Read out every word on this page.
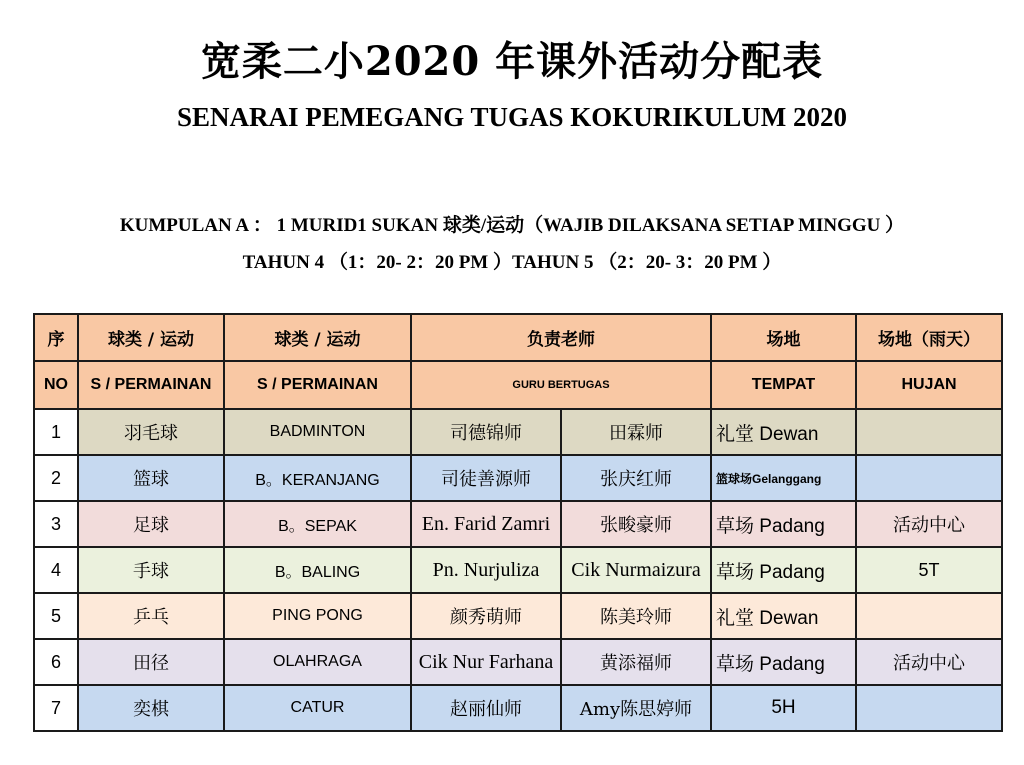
宽柔二小2020 年课外活动分配表
SENARAI PEMEGANG TUGAS KOKURIKULUM 2020
KUMPULAN A ： 1 MURID1 SUKAN 球类/运动（WAJIB DILAKSANA SETIAP MINGGU ）
TAHUN 4 （1：20- 2：20 PM ）TAHUN 5 （2：20- 3：20 PM ）
序	球类 / 运动	球类 / 运动	负责老师		场地	场地（雨天）
NO	S / PERMAINAN	S / PERMAINAN	GURU BERTUGAS		TEMPAT	HUJAN
1	羽毛球	BADMINTON	司德锦师	田霖师	礼堂 Dewan	
2	篮球	B。KERANJANG	司徒善源师	张庆红师	篮球场Gelanggang	
3	足球	B。SEPAK	En. Farid Zamri	张畯豪师	草场 Padang	活动中心
4	手球	B。BALING	Pn. Nurjuliza	Cik Nurmaizura	草场 Padang	5T
5	乒乓	PING PONG	颜秀萌师	陈美玲师	礼堂 Dewan	
6	田径	OLAHRAGA	Cik Nur Farhana	黄添福师	草场 Padang	活动中心
7	奕棋	CATUR	赵丽仙师	Amy陈思婷师	5H	
